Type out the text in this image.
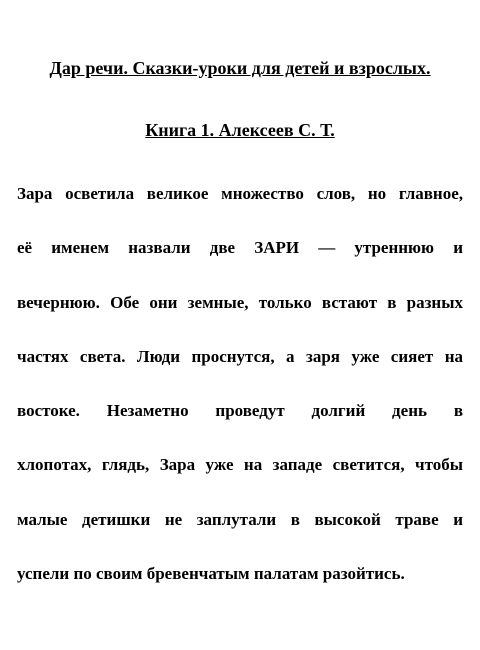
Дар речи. Сказки-уроки для детей и взрослых.
Книга 1. Алексеев С. Т.
Зара осветила великое множество слов, но главное,
её именем назвали две ЗАРИ — утреннюю и
вечернюю. Обе они земные, только встают в разных
частях света. Люди проснутся, а заря уже сияет на
востоке. Незаметно проведут долгий день в
хлопотах, глядь, Зара уже на западе светится, чтобы
малые детишки не заплутали в высокой траве и
успели по своим бревенчатым палатам разойтись.
